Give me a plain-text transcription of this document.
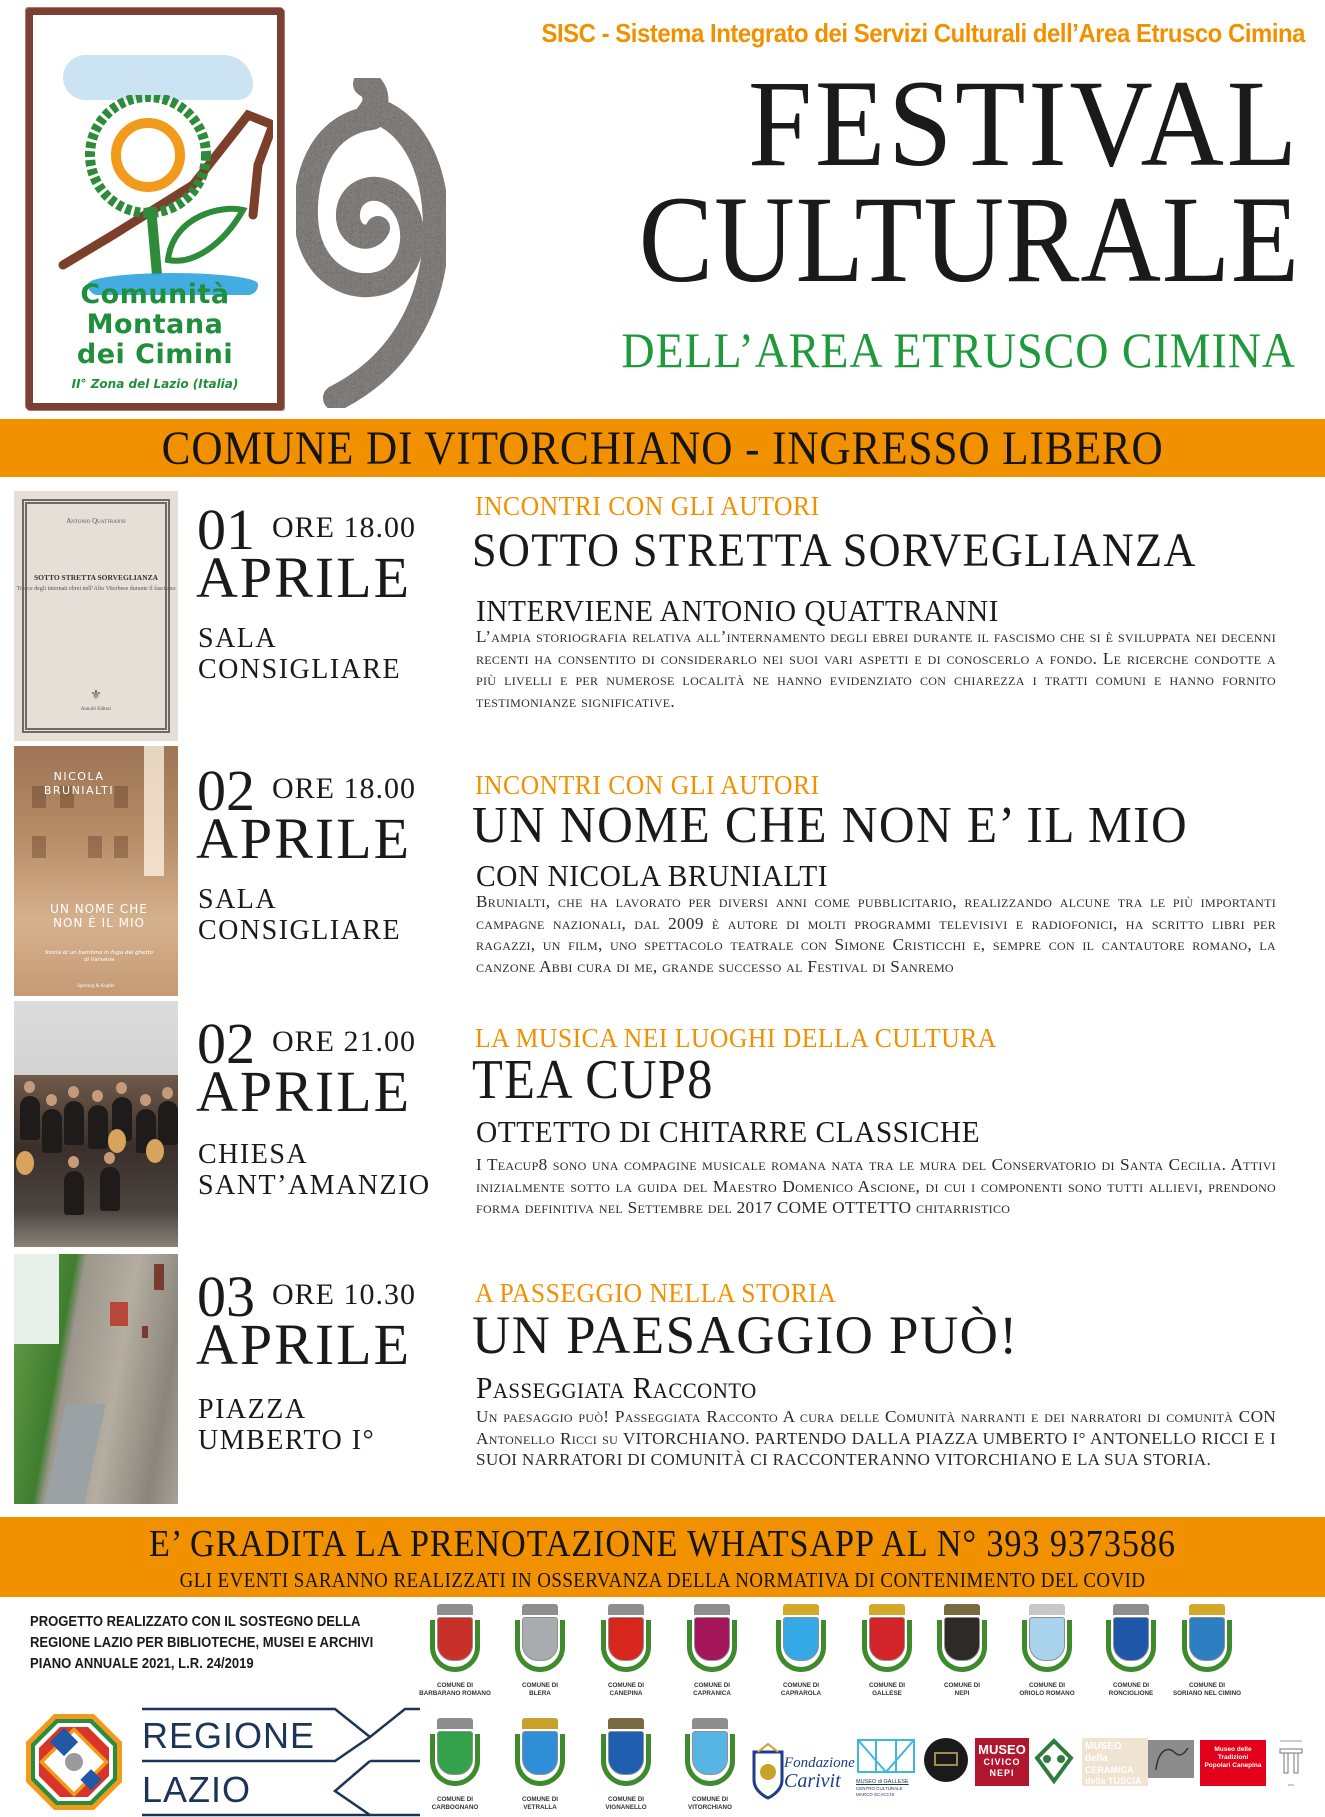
Comunità
Montana
dei Cimini
II° Zona del Lazio (Italia)
SISC - Sistema Integrato dei Servizi Culturali dell’Area Etrusco Cimina
FESTIVAL
CULTURALE
DELL’AREA ETRUSCO CIMINA
COMUNE DI VITORCHIANO - INGRESSO LIBERO
Antonio Quattranni
SOTTO STRETTA SORVEGLIANZA
Tracce degli internati ebrei nell’Alto Viterbese durante il fascismo
⚜
Annulli Editori
01 ORE 18.00
APRILE
SALA
CONSIGLIARE
INCONTRI CON GLI AUTORI
SOTTO STRETTA SORVEGLIANZA
INTERVIENE ANTONIO QUATTRANNI
L’ampia storiografia relativa all’internamento degli ebrei durante il fascismo che si è sviluppata nei decenni recenti ha consentito di considerarlo nei suoi vari aspetti e di conoscerlo a fondo. Le ricerche condotte a più livelli e per numerose località ne hanno evidenziato con chiarezza i tratti comuni e hanno fornito testimonianze significative.
NICOLA
BRUNIALTI
UN NOME CHE NON È IL MIO
Storia di un bambino in fuga dal ghetto di Varsavia
Sperling & Kupfer
02 ORE 18.00
APRILE
SALA
CONSIGLIARE
INCONTRI CON GLI AUTORI
UN NOME CHE NON E’ IL MIO
CON NICOLA BRUNIALTI
Brunialti, che ha lavorato per diversi anni come pubblicitario, realizzando alcune tra le più importanti campagne nazionali, dal 2009 è autore di molti programmi televisivi e radiofonici, ha scritto libri per ragazzi, un film, uno spettacolo teatrale con Simone Cristicchi e, sempre con il cantautore romano, la canzone Abbi cura di me, grande successo al Festival di Sanremo
02 ORE 21.00
APRILE
CHIESA
SANT’AMANZIO
LA MUSICA NEI LUOGHI DELLA CULTURA
TEA CUP8
OTTETTO DI CHITARRE CLASSICHE
I Teacup8 sono una compagine musicale romana nata tra le mura del Conservatorio di Santa Cecilia. Attivi inizialmente sotto la guida del Maestro Domenico Ascione, di cui i componenti sono tutti allievi, prendono forma definitiva nel Settembre del 2017 COME OTTETTO chitarristico
03 ORE 10.30
APRILE
PIAZZA
UMBERTO I°
A PASSEGGIO NELLA STORIA
UN PAESAGGIO PUÒ!
Passeggiata Racconto
Un paesaggio può! Passeggiata Racconto A cura delle Comunità narranti e dei narratori di comunità CON Antonello Ricci su VITORCHIANO. PARTENDO DALLA PIAZZA UMBERTO I° ANTONELLO RICCI E I SUOI NARRATORI DI COMUNITÀ CI RACCONTERANNO VITORCHIANO E LA SUA STORIA.
E’ GRADITA LA PRENOTAZIONE WHATSAPP AL N° 393 9373586
GLI EVENTI SARANNO REALIZZATI IN OSSERVANZA DELLA NORMATIVA DI CONTENIMENTO DEL COVID
PROGETTO REALIZZATO CON IL SOSTEGNO DELLA
REGIONE LAZIO PER BIBLIOTECHE, MUSEI E ARCHIVI
PIANO ANNUALE 2021, L.R. 24/2019
REGIONE
LAZIO
COMUNE DI
BARBARANO ROMANO
COMUNE DI
BLERA
COMUNE DI
CANEPINA
COMUNE DI
CAPRANICA
COMUNE DI
CAPRAROLA
COMUNE DI
GALLESE
COMUNE DI
NEPI
COMUNE DI
ORIOLO ROMANO
COMUNE DI
RONCIGLIONE
COMUNE DI
SORIANO NEL CIMINO
COMUNE DI
CARBOGNANO
COMUNE DI
VETRALLA
COMUNE DI
VIGNANELLO
COMUNE DI
VITORCHIANO
Fondazione
Carivit	MUSEO di GALLESE
CENTRO CULTURALE MARCO SCACCHI
MUSEO
CIVICO NEPI
MUSEO della
CERAMICA della TUSCIA
Museo delle Tradizioni
Popolari Canepina
